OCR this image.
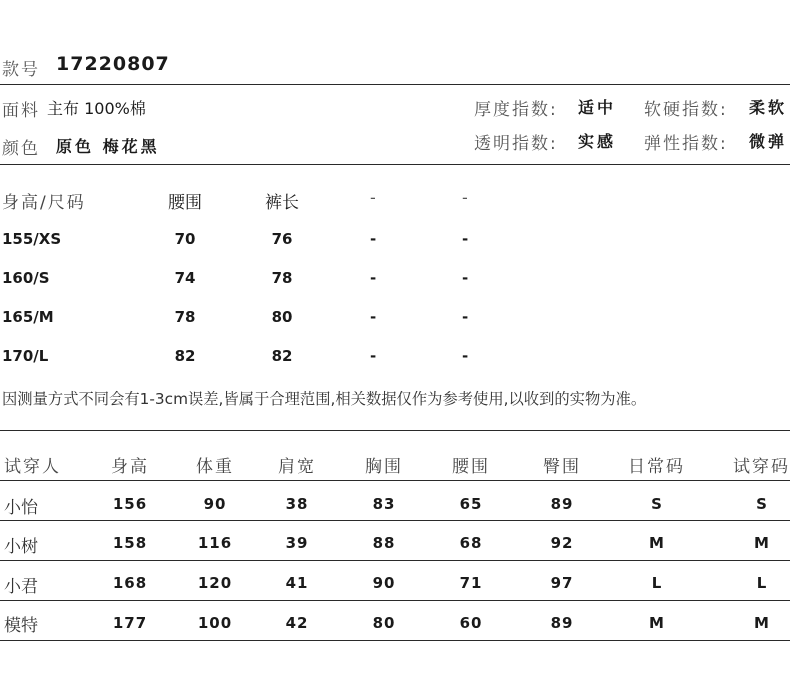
款号 17220807
面料 主布 100%棉
颜色 原色 梅花黑
厚度指数: 适中 软硬指数: 柔软
透明指数: 实感 弹性指数: 微弹
身高/尺码	腰围	裤长	-	-
155/XS	70	76	-	-
160/S	74	78	-	-
165/M	78	80	-	-
170/L	82	82	-	-
因测量方式不同会有1-3cm误差,皆属于合理范围,相关数据仅作为参考使用,以收到的实物为准。
试穿人	身高	体重	肩宽	胸围	腰围	臀围	日常码	试穿码
小怡	156	90	38	83	65	89	S	S
小树	158	116	39	88	68	92	M	M
小君	168	120	41	90	71	97	L	L
模特	177	100	42	80	60	89	M	M
